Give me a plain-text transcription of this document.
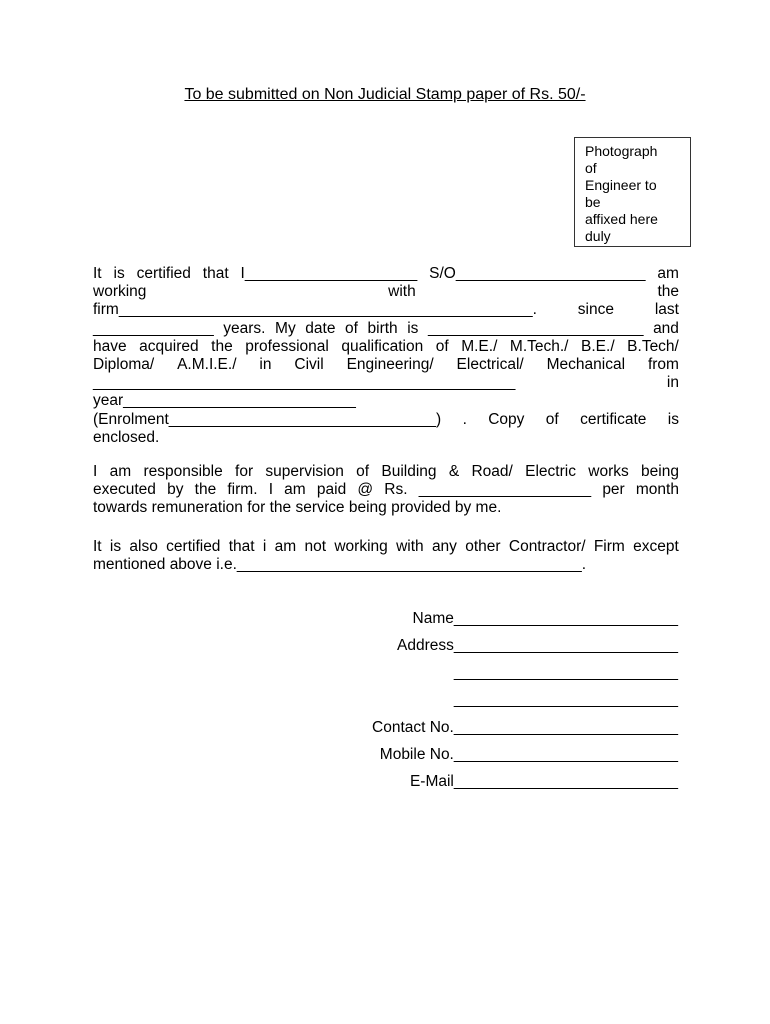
To be submitted on Non Judicial Stamp paper of Rs. 50/-
Photograph
of
Engineer to
be
affixed here
duly
It is certified that I____________________ S/O______________________ am
working	with	the
firm________________________________________________.	since	last
______________ years. My date of birth is _________________________ and
have acquired the professional qualification of M.E./ M.Tech./ B.E./ B.Tech/
Diploma/ A.M.I.E./ in Civil Engineering/ Electrical/ Mechanical from
_________________________________________________	in
year___________________________
(Enrolment_______________________________) . Copy of certificate is
enclosed.
I am responsible for supervision of Building & Road/ Electric works being
executed by the firm. I am paid @ Rs. ____________________ per month
towards remuneration for the service being provided by me.
It is also certified that i am not working with any other Contractor/ Firm except
mentioned above i.e.________________________________________.
Name__________________________
Address__________________________
__________________________
__________________________
Contact No.__________________________
Mobile No.__________________________
E-Mail__________________________
